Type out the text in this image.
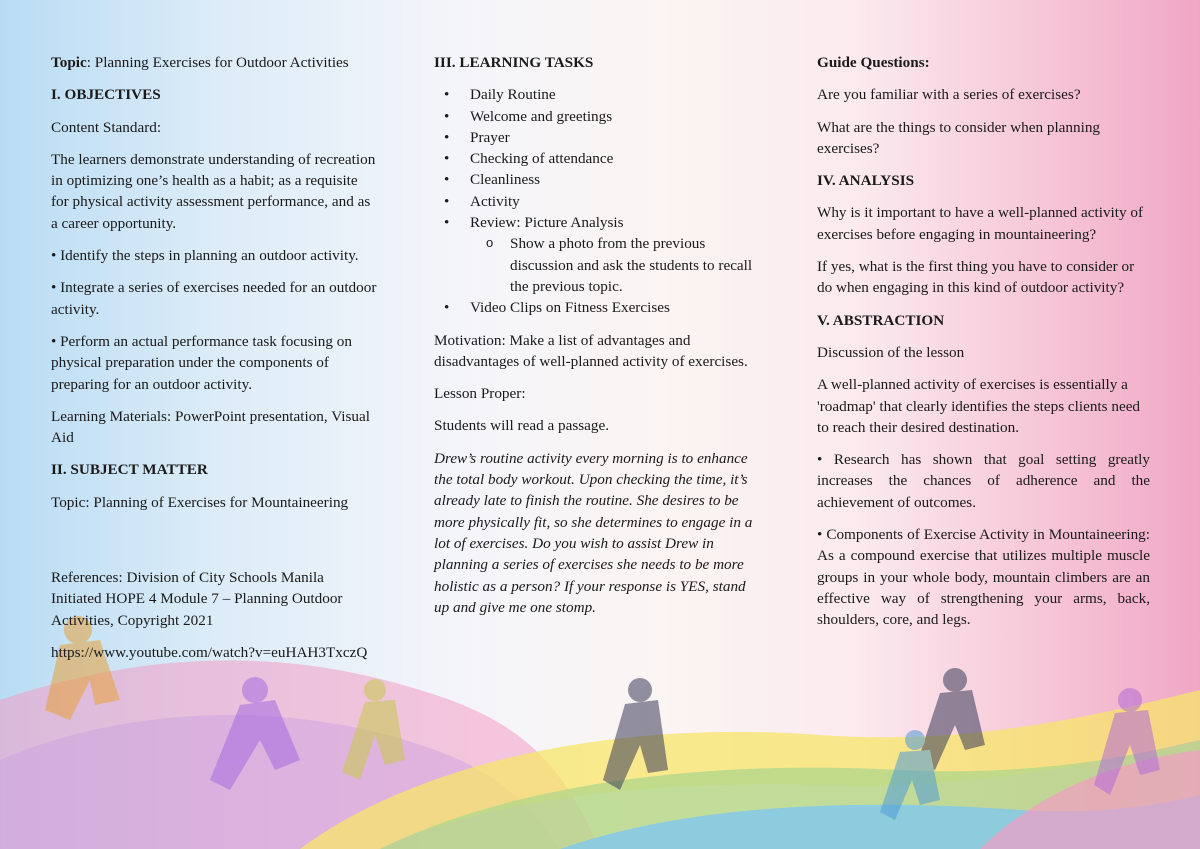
Topic: Planning Exercises for Outdoor Activities

I. OBJECTIVES

Content Standard:

The learners demonstrate understanding of recreation in optimizing one’s health as a habit; as a requisite for physical activity assessment performance, and as a career opportunity.

• Identify the steps in planning an outdoor activity.

• Integrate a series of exercises needed for an outdoor activity.

• Perform an actual performance task focusing on physical preparation under the components of preparing for an outdoor activity.

Learning Materials: PowerPoint presentation, Visual Aid

II. SUBJECT MATTER

Topic: Planning of Exercises for Mountaineering

References: Division of City Schools Manila Initiated HOPE 4 Module 7 – Planning Outdoor Activities, Copyright 2021

https://www.youtube.com/watch?v=euHAH3TxczQ

III. LEARNING TASKS

• Daily Routine
• Welcome and greetings
• Prayer
• Checking of attendance
• Cleanliness
• Activity
• Review: Picture Analysis
o Show a photo from the previous discussion and ask the students to recall the previous topic.
• Video Clips on Fitness Exercises

Motivation: Make a list of advantages and disadvantages of well-planned activity of exercises.

Lesson Proper:

Students will read a passage.

Drew’s routine activity every morning is to enhance the total body workout. Upon checking the time, it’s already late to finish the routine. She desires to be more physically fit, so she determines to engage in a lot of exercises. Do you wish to assist Drew in planning a series of exercises she needs to be more holistic as a person? If your response is YES, stand up and give me one stomp.

Guide Questions:

Are you familiar with a series of exercises?

What are the things to consider when planning exercises?

IV. ANALYSIS

Why is it important to have a well-planned activity of exercises before engaging in mountaineering?

If yes, what is the first thing you have to consider or do when engaging in this kind of outdoor activity?

V. ABSTRACTION

Discussion of the lesson

A well-planned activity of exercises is essentially a 'roadmap' that clearly identifies the steps clients need to reach their desired destination.

• Research has shown that goal setting greatly increases the chances of adherence and the achievement of outcomes.

• Components of Exercise Activity in Mountaineering: As a compound exercise that utilizes multiple muscle groups in your whole body, mountain climbers are an effective way of strengthening your arms, back, shoulders, core, and legs.
